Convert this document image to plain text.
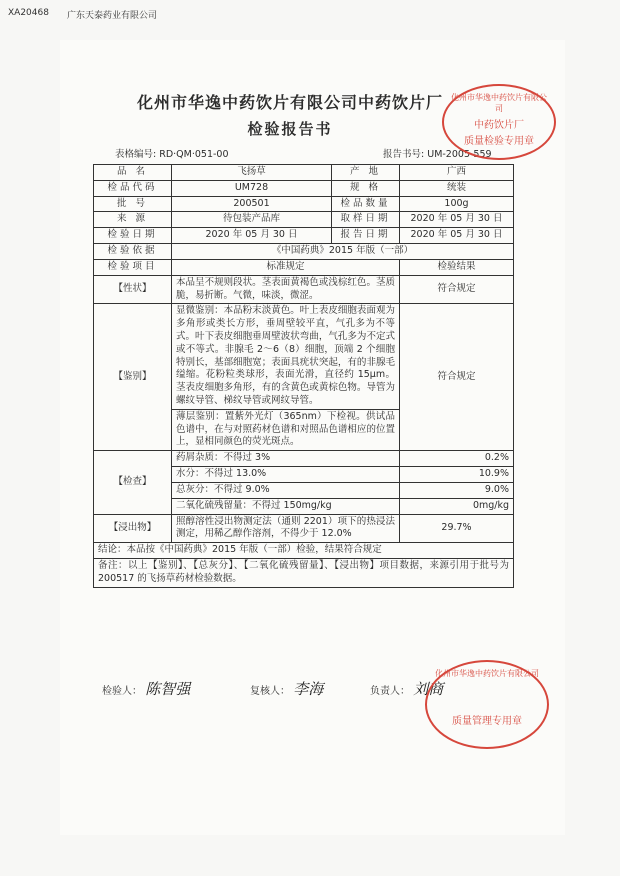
XA20468 广东天泰药业有限公司
化州市华逸中药饮片有限公司中药饮片厂
检验报告书
表格编号: RD·QM·051-00	报告书号: UM-2005-559
品 名	飞扬草	产 地	广西
检品代码	UM728	规 格	统装
批 号	200501	检品数量	100g
来 源	待包装产品库	取样日期	2020 年 05 月 30 日
检验日期	2020 年 05 月 30 日	报告日期	2020 年 05 月 30 日
检验依据	《中国药典》2015 年版（一部）		
检验项目	标准规定		检验结果
【性状】	本品呈不规则段状。茎表面黄褐色或浅棕红色。茎质脆，易折断。气微，味淡，微涩。		符合规定
【鉴别】	显微鉴别：本品粉末淡黄色。叶上表皮细胞表面观为多角形或类长方形，垂周壁较平直，气孔多为不等式。叶下表皮细胞垂周壁波状弯曲，气孔多为不定式或不等式。非腺毛 2～6（8）细胞，顶端 2 个细胞特别长，基部细胞宽；表面具疣状突起，有的非腺毛缢缩。花粉粒类球形，表面光滑，直径约 15μm。茎表皮细胞多角形，有的含黄色或黄棕色物。导管为螺纹导管、梯纹导管或网纹导管。		符合规定
	薄层鉴别：置紫外光灯（365nm）下检视。供试品色谱中，在与对照药材色谱和对照品色谱相应的位置上，显相同颜色的荧光斑点。		
【检查】	药屑杂质：不得过 3%		0.2%
	水分：不得过 13.0%		10.9%
	总灰分：不得过 9.0%		9.0%
	二氧化硫残留量：不得过 150mg/kg		0mg/kg
【浸出物】	照醇溶性浸出物测定法（通则 2201）项下的热浸法测定，用稀乙醇作溶剂，不得少于 12.0%		29.7%
结论：本品按《中国药典》2015 年版（一部）检验，结果符合规定			
备注：以上【鉴别】、【总灰分】、【二氧化硫残留量】、【浸出物】项目数据，来源引用于批号为 200517 的飞扬草药材检验数据。			
检验人： 陈智强	复核人： 李海	负责人： 刘商
化州市华逸中药饮片有限公司
中药饮片厂
质量检验专用章
化州市华逸中药饮片有限公司
质量管理专用章
